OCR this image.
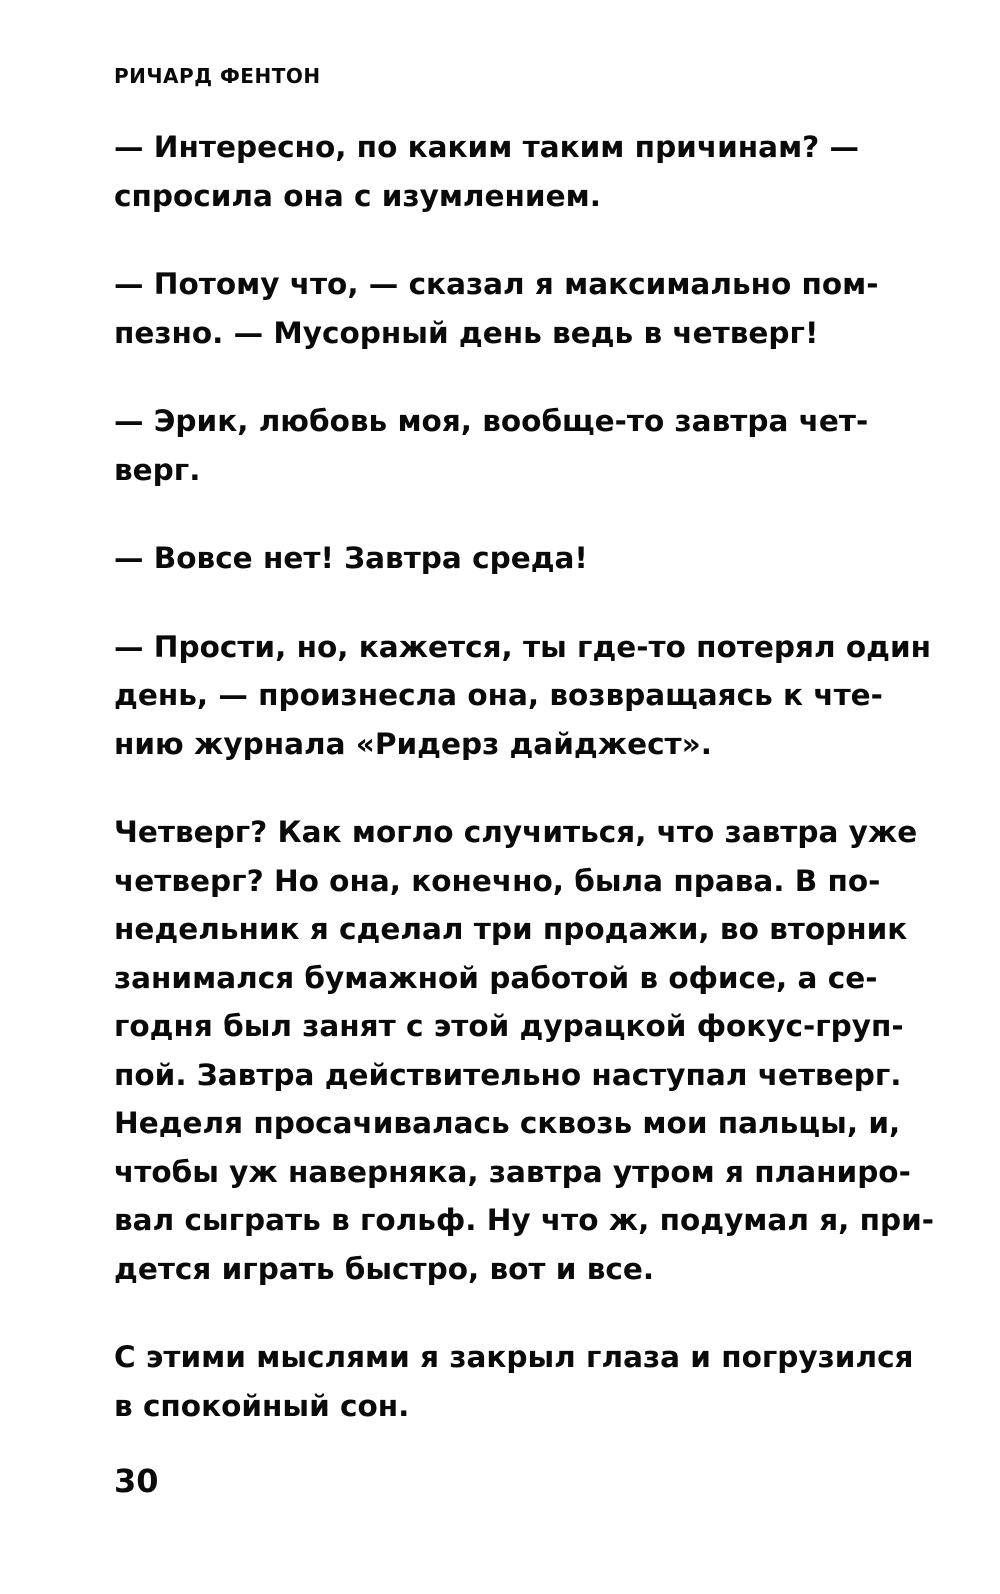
РИЧАРД ФЕНТОН

— Интересно, по каким таким причинам? —
спросила она с изумлением.

— Потому что, — сказал я максимально пом-
пезно. — Мусорный день ведь в четверг!

— Эрик, любовь моя, вообще-то завтра чет-
верг.

— Вовсе нет! Завтра среда!

— Прости, но, кажется, ты где-то потерял один
день, — произнесла она, возвращаясь к чте-
нию журнала «Ридерз дайджест».

Четверг? Как могло случиться, что завтра уже
четверг? Но она, конечно, была права. В по-
недельник я сделал три продажи, во вторник
занимался бумажной работой в офисе, а се-
годня был занят с этой дурацкой фокус-груп-
пой. Завтра действительно наступал четверг.
Неделя просачивалась сквозь мои пальцы, и,
чтобы уж наверняка, завтра утром я планиро-
вал сыграть в гольф. Ну что ж, подумал я, при-
дется играть быстро, вот и все.

С этими мыслями я закрыл глаза и погрузился
в спокойный сон.

30
